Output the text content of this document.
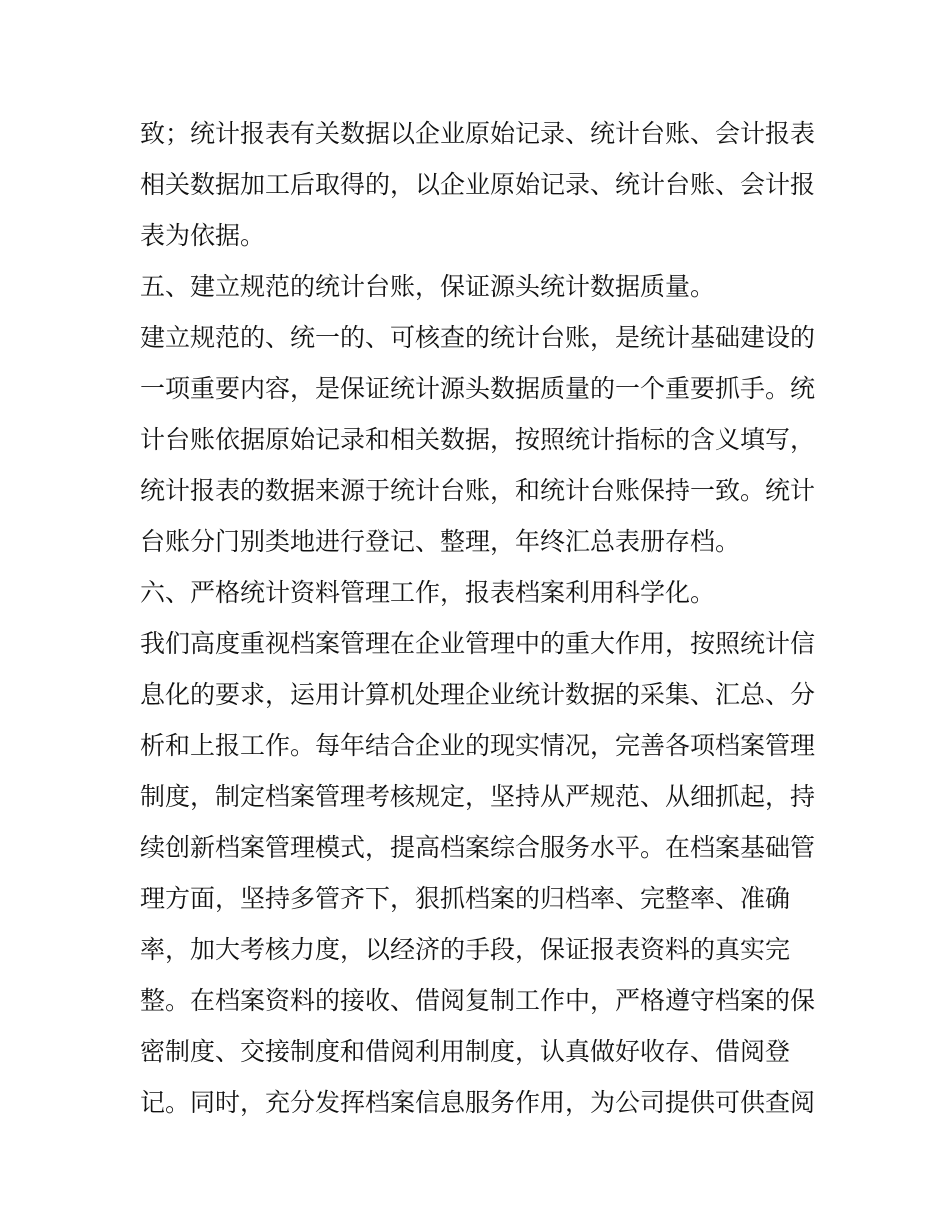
致；统计报表有关数据以企业原始记录、统计台账、会计报表
相关数据加工后取得的，以企业原始记录、统计台账、会计报
表为依据。
五、建立规范的统计台账，保证源头统计数据质量。
建立规范的、统一的、可核查的统计台账，是统计基础建设的
一项重要内容，是保证统计源头数据质量的一个重要抓手。统
计台账依据原始记录和相关数据，按照统计指标的含义填写，
统计报表的数据来源于统计台账，和统计台账保持一致。统计
台账分门别类地进行登记、整理，年终汇总表册存档。
六、严格统计资料管理工作，报表档案利用科学化。
我们高度重视档案管理在企业管理中的重大作用，按照统计信
息化的要求，运用计算机处理企业统计数据的采集、汇总、分
析和上报工作。每年结合企业的现实情况，完善各项档案管理
制度，制定档案管理考核规定，坚持从严规范、从细抓起，持
续创新档案管理模式，提高档案综合服务水平。在档案基础管
理方面，坚持多管齐下，狠抓档案的归档率、完整率、准确
率，加大考核力度，以经济的手段，保证报表资料的真实完
整。在档案资料的接收、借阅复制工作中，严格遵守档案的保
密制度、交接制度和借阅利用制度，认真做好收存、借阅登
记。同时，充分发挥档案信息服务作用，为公司提供可供查阅
